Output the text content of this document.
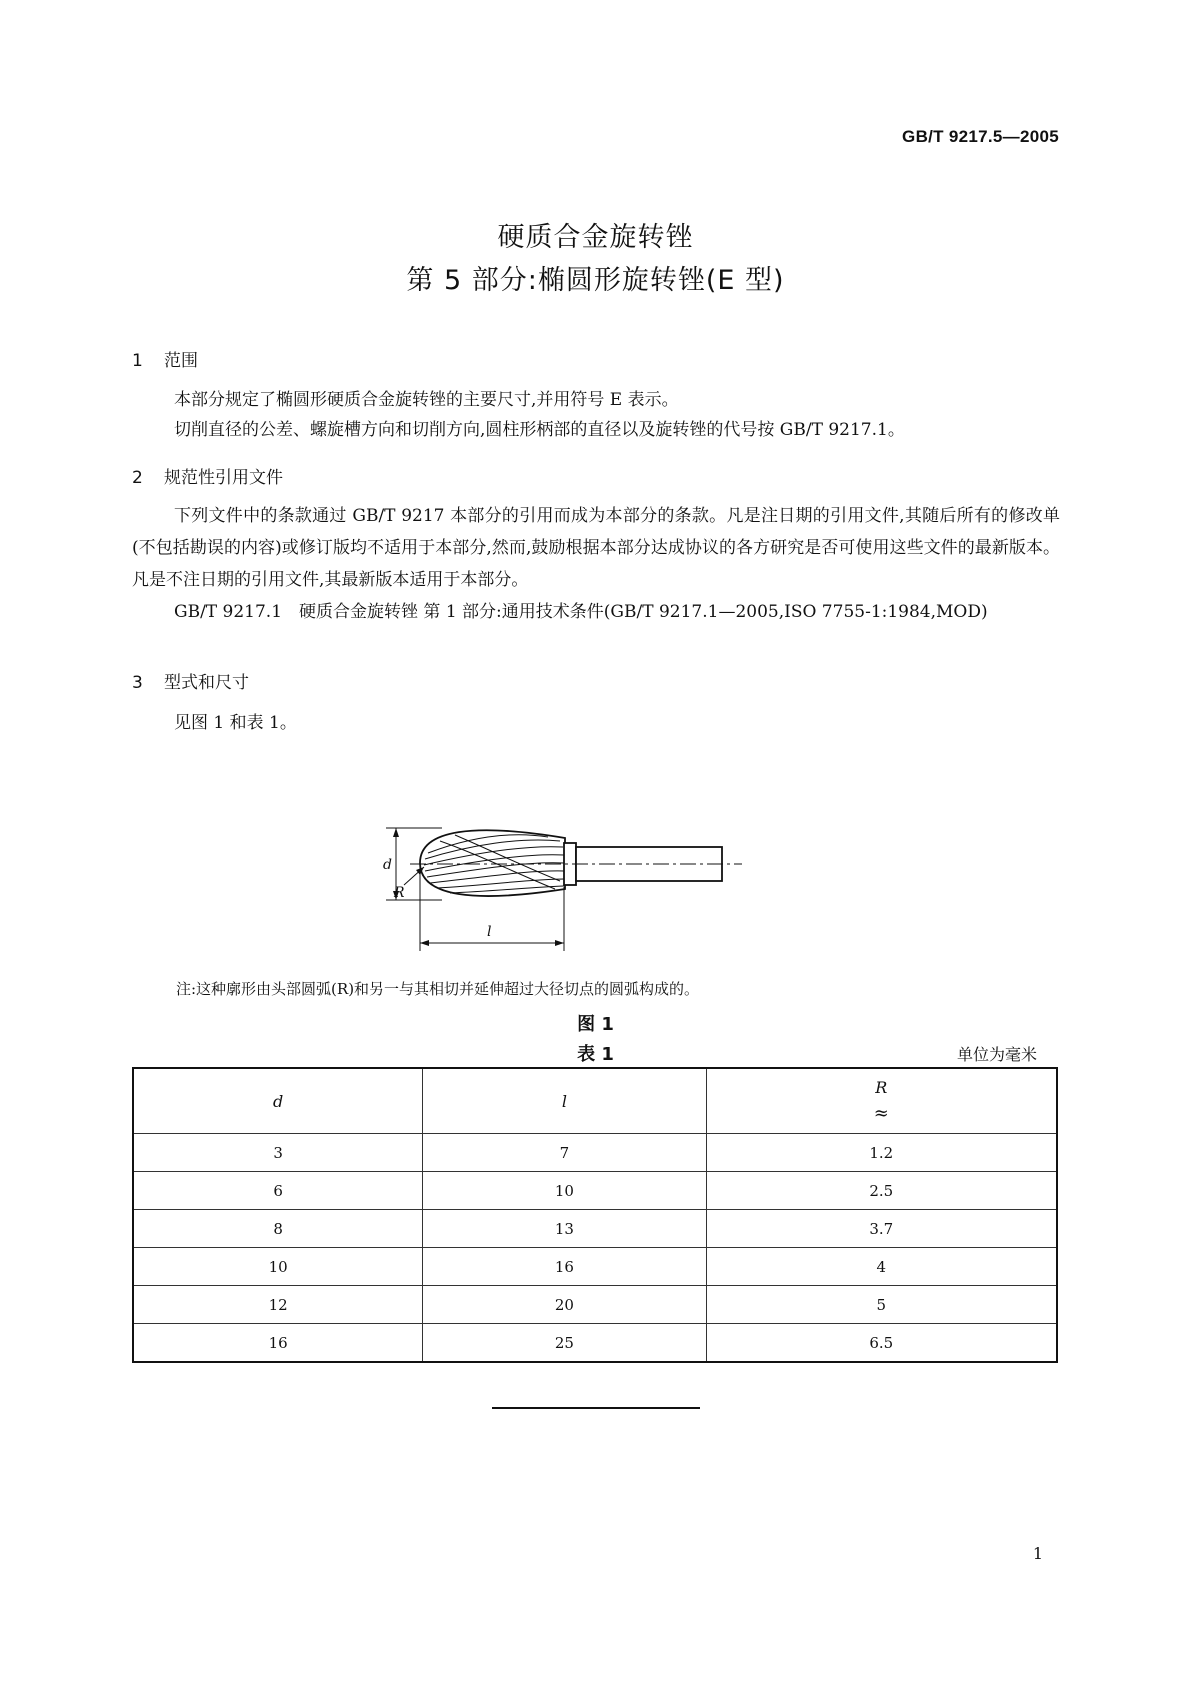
GB/T 9217.5—2005
硬质合金旋转锉
第 5 部分:椭圆形旋转锉(E 型)
1 范围
本部分规定了椭圆形硬质合金旋转锉的主要尺寸,并用符号 E 表示。
切削直径的公差、螺旋槽方向和切削方向,圆柱形柄部的直径以及旋转锉的代号按 GB/T 9217.1。
2 规范性引用文件
下列文件中的条款通过 GB/T 9217 本部分的引用而成为本部分的条款。凡是注日期的引用文件,其随后所有的修改单(不包括勘误的内容)或修订版均不适用于本部分,然而,鼓励根据本部分达成协议的各方研究是否可使用这些文件的最新版本。凡是不注日期的引用文件,其最新版本适用于本部分。
GB/T 9217.1　硬质合金旋转锉 第 1 部分:通用技术条件(GB/T 9217.1—2005,ISO 7755-1:1984,MOD)
3 型式和尺寸
见图 1 和表 1。
d
R
l
注:这种廓形由头部圆弧(R)和另一与其相切并延伸超过大径切点的圆弧构成的。
图 1
表 1	单位为毫米
d	l	R
≈

3	7	1.2
6	10	2.5
8	13	3.7
10	16	4
12	20	5
16	25	6.5
1
